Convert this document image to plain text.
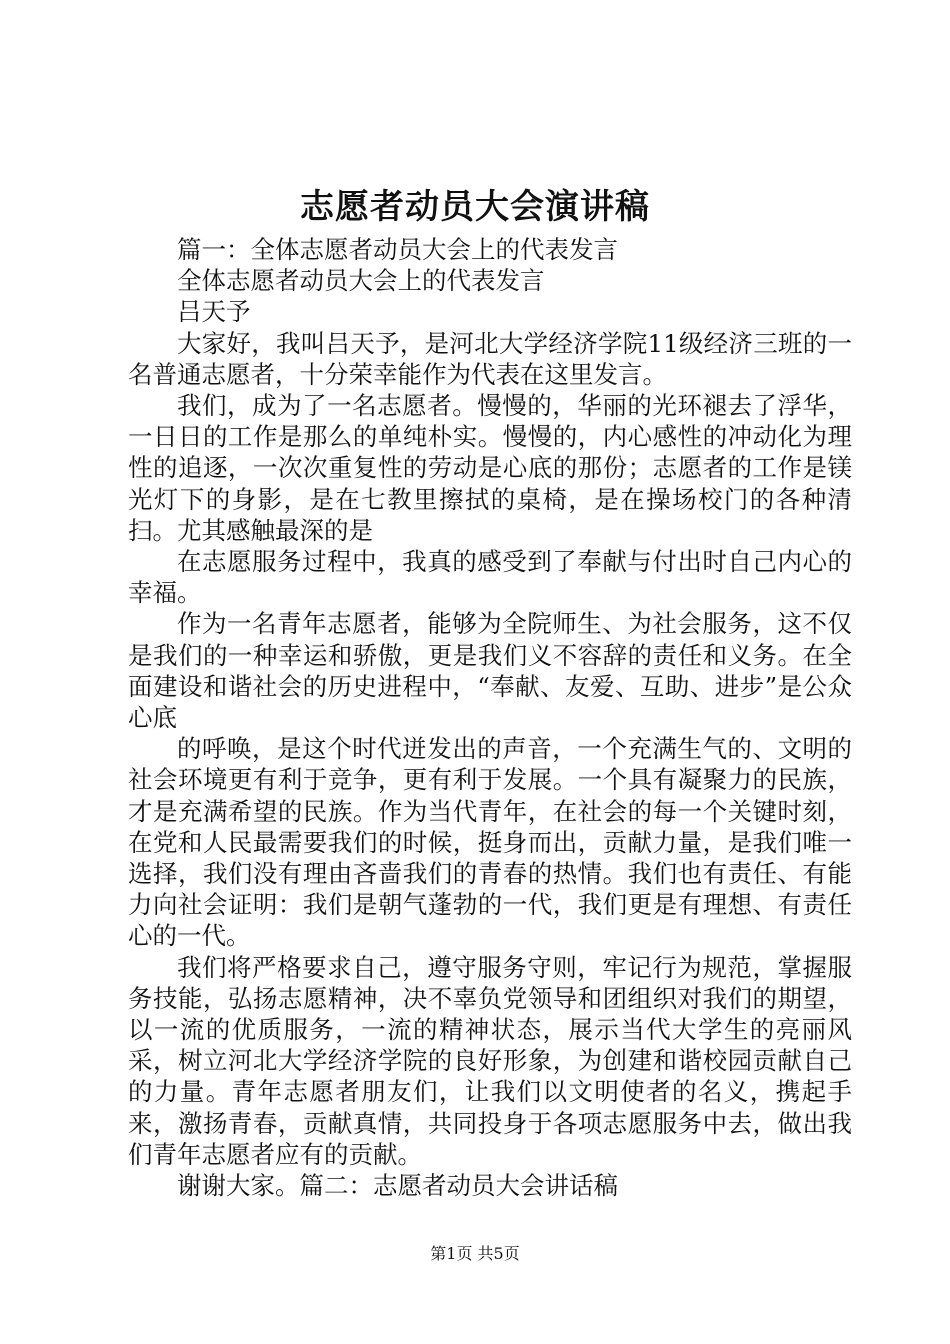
志愿者动员大会演讲稿

篇一：全体志愿者动员大会上的代表发言

全体志愿者动员大会上的代表发言

吕天予

大家好，我叫吕天予，是河北大学经济学院11级经济三班的一名普通志愿者，十分荣幸能作为代表在这里发言。

我们，成为了一名志愿者。慢慢的，华丽的光环褪去了浮华，一日日的工作是那么的单纯朴实。慢慢的，内心感性的冲动化为理性的追逐，一次次重复性的劳动是心底的那份；志愿者的工作是镁光灯下的身影，是在七教里擦拭的桌椅，是在操场校门的各种清扫。尤其感触最深的是

在志愿服务过程中，我真的感受到了奉献与付出时自己内心的幸福。

作为一名青年志愿者，能够为全院师生、为社会服务，这不仅是我们的一种幸运和骄傲，更是我们义不容辞的责任和义务。在全面建设和谐社会的历史进程中，“奉献、友爱、互助、进步”是公众心底

的呼唤，是这个时代迸发出的声音，一个充满生气的、文明的社会环境更有利于竞争，更有利于发展。一个具有凝聚力的民族，才是充满希望的民族。作为当代青年，在社会的每一个关键时刻，在党和人民最需要我们的时候，挺身而出，贡献力量，是我们唯一选择，我们没有理由吝啬我们的青春的热情。我们也有责任、有能力向社会证明：我们是朝气蓬勃的一代，我们更是有理想、有责任心的一代。

我们将严格要求自己，遵守服务守则，牢记行为规范，掌握服务技能，弘扬志愿精神，决不辜负党领导和团组织对我们的期望，以一流的优质服务，一流的精神状态，展示当代大学生的亮丽风采，树立河北大学经济学院的良好形象，为创建和谐校园贡献自己的力量。青年志愿者朋友们，让我们以文明使者的名义，携起手来，激扬青春，贡献真情，共同投身于各项志愿服务中去，做出我们青年志愿者应有的贡献。

谢谢大家。篇二：志愿者动员大会讲话稿

第1页 共5页
